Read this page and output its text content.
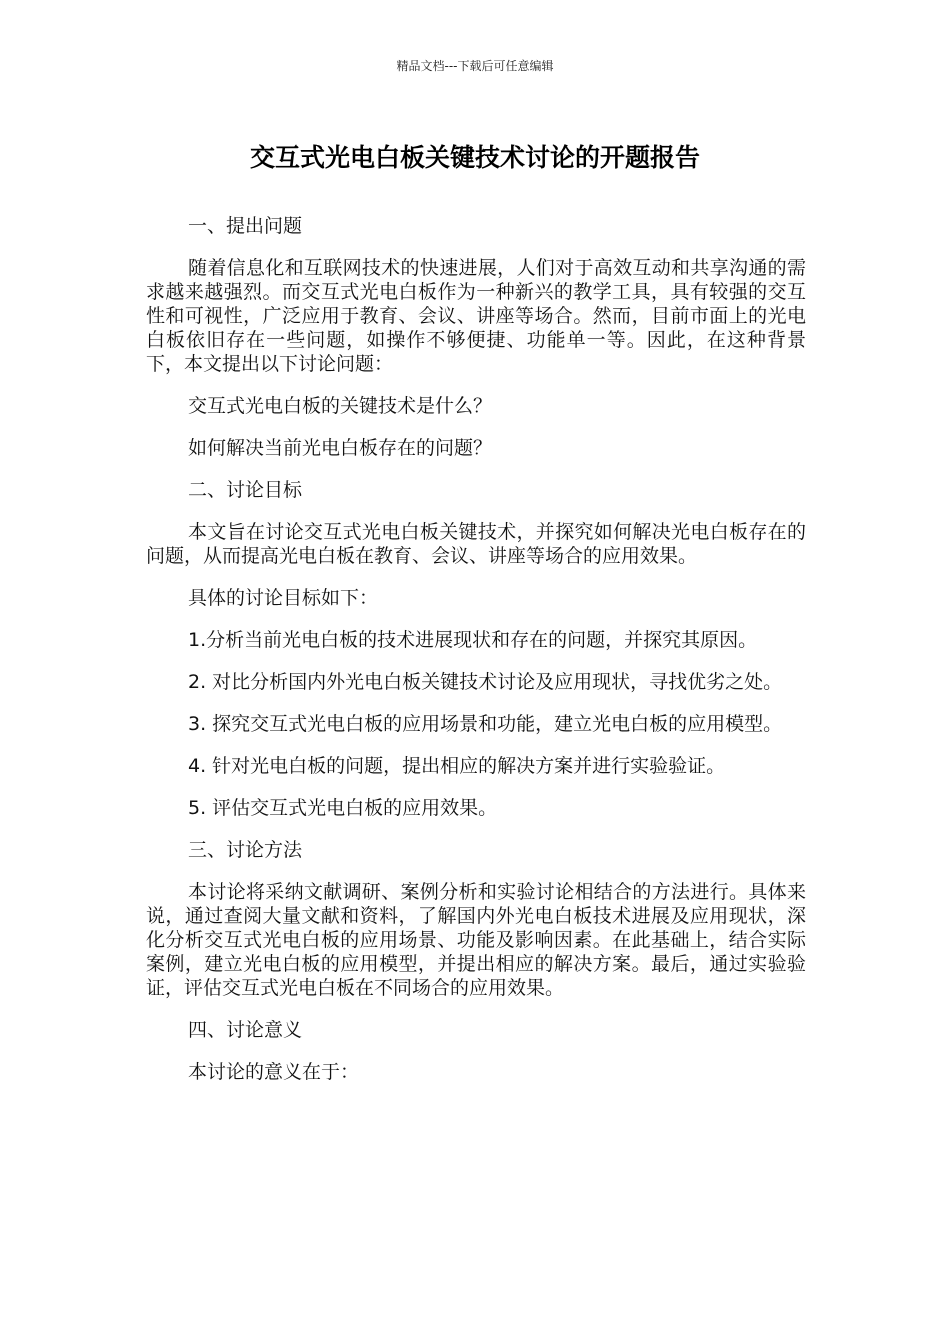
精品文档---下载后可任意编辑
交互式光电白板关键技术讨论的开题报告

一、提出问题

随着信息化和互联网技术的快速进展，人们对于高效互动和共享沟通的需求越来越强烈。而交互式光电白板作为一种新兴的教学工具，具有较强的交互性和可视性，广泛应用于教育、会议、讲座等场合。然而，目前市面上的光电白板依旧存在一些问题，如操作不够便捷、功能单一等。因此，在这种背景下，本文提出以下讨论问题：

交互式光电白板的关键技术是什么？

如何解决当前光电白板存在的问题？

二、讨论目标

本文旨在讨论交互式光电白板关键技术，并探究如何解决光电白板存在的问题，从而提高光电白板在教育、会议、讲座等场合的应用效果。

具体的讨论目标如下：

1.分析当前光电白板的技术进展现状和存在的问题，并探究其原因。

2. 对比分析国内外光电白板关键技术讨论及应用现状，寻找优劣之处。

3. 探究交互式光电白板的应用场景和功能，建立光电白板的应用模型。

4. 针对光电白板的问题，提出相应的解决方案并进行实验验证。

5. 评估交互式光电白板的应用效果。

三、讨论方法

本讨论将采纳文献调研、案例分析和实验讨论相结合的方法进行。具体来说，通过查阅大量文献和资料，了解国内外光电白板技术进展及应用现状，深化分析交互式光电白板的应用场景、功能及影响因素。在此基础上，结合实际案例，建立光电白板的应用模型，并提出相应的解决方案。最后，通过实验验证，评估交互式光电白板在不同场合的应用效果。

四、讨论意义

本讨论的意义在于：
